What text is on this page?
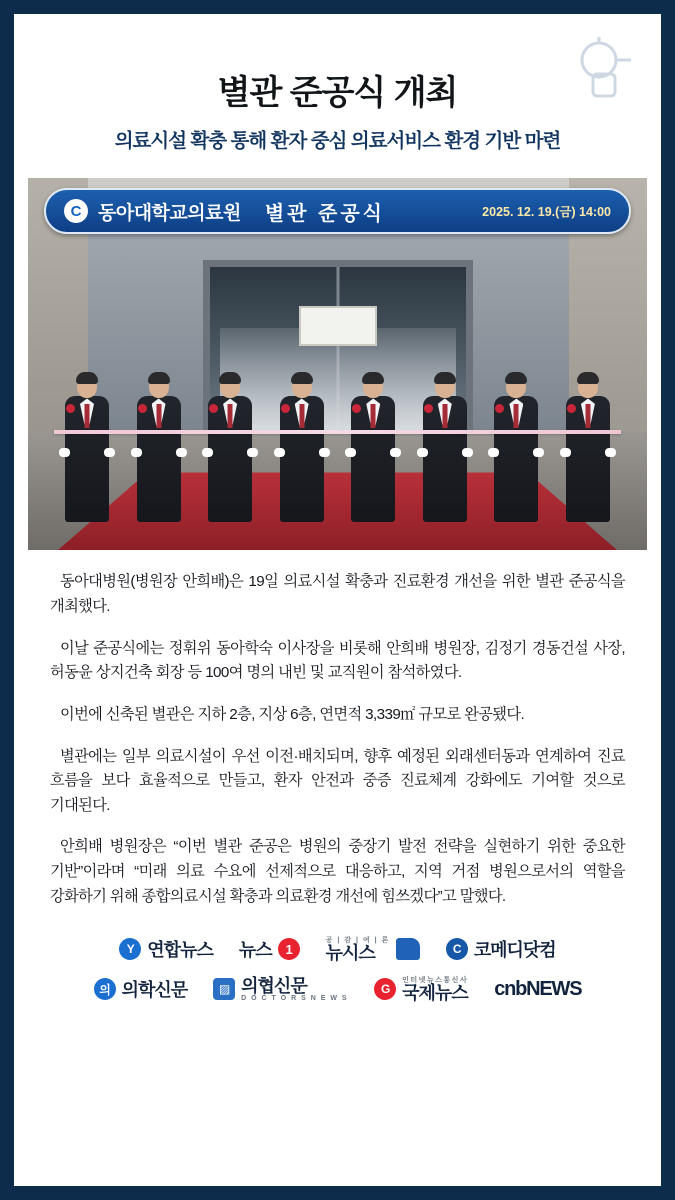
별관 준공식 개최
의료시설 확충 통해 환자 중심 의료서비스 환경 기반 마련
C 동아대학교의료원 별관 준공식	2025. 12. 19.(금) 14:00

동아대병원(병원장 안희배)은 19일 의료시설 확충과 진료환경 개선을 위한 별관 준공식을 개최했다.

이날 준공식에는 정휘위 동아학숙 이사장을 비롯해 안희배 병원장, 김정기 경동건설 사장, 허동윤 상지건축 회장 등 100여 명의 내빈 및 교직원이 참석하였다.

이번에 신축된 별관은 지하 2층, 지상 6층, 연면적 3,339㎡ 규모로 완공됐다.

별관에는 일부 의료시설이 우선 이전·배치되며, 향후 예정된 외래센터동과 연계하여 진료 흐름을 보다 효율적으로 만들고, 환자 안전과 중증 진료체계 강화에도 기여할 것으로 기대된다.

안희배 병원장은 “이번 별관 준공은 병원의 중장기 발전 전략을 실현하기 위한 중요한 기반”이라며 “미래 의료 수요에 선제적으로 대응하고, 지역 거점 병원으로서의 역할을 강화하기 위해 종합의료시설 확충과 의료환경 개선에 힘쓰겠다”고 말했다.

Y 연합뉴스 뉴스	1
공 | 감 | 여 | 론
뉴시스	C 코메디닷컴
의 의학신문	▨ 의협신문
D O C T O R S N E W S
G
인터넷뉴스통신사
국제뉴스 cnbNEWS
